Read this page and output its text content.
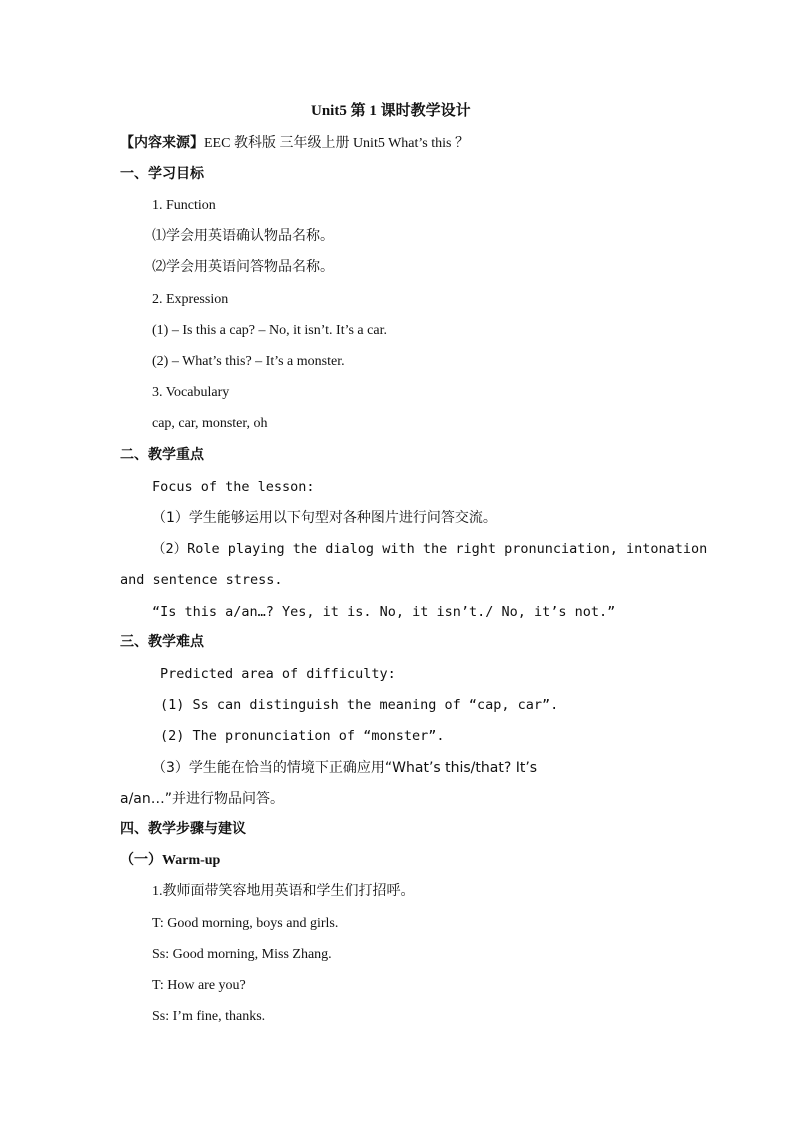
Unit5 第 1 课时教学设计
【内容来源】EEC 教科版 三年级上册 Unit5 What’s this ？
一、学习目标
1. Function
⑴学会用英语确认物品名称。
⑵学会用英语问答物品名称。
2. Expression
(1) – Is this a cap? – No, it isn’t. It’s a car.
(2) – What’s this? – It’s a monster.
3. Vocabulary
cap, car, monster, oh
二、教学重点
Focus of the lesson:
（1）学生能够运用以下句型对各种图片进行问答交流。
（2）Role playing the dialog with the right pronunciation, intonation
and sentence stress.
“Is this a/an…? Yes, it is. No, it isn’t./ No, it’s not.”
三、教学难点
Predicted area of difficulty:
(1) Ss can distinguish the meaning of “cap, car”.
(2) The pronunciation of “monster”.
（3）学生能在恰当的情境下正确应用“What’s this/that? It’s
a/an…”并进行物品问答。
四、教学步骤与建议
（一）Warm-up
1.教师面带笑容地用英语和学生们打招呼。
T: Good morning, boys and girls.
Ss: Good morning, Miss Zhang.
T: How are you?
Ss: I’m fine, thanks.
